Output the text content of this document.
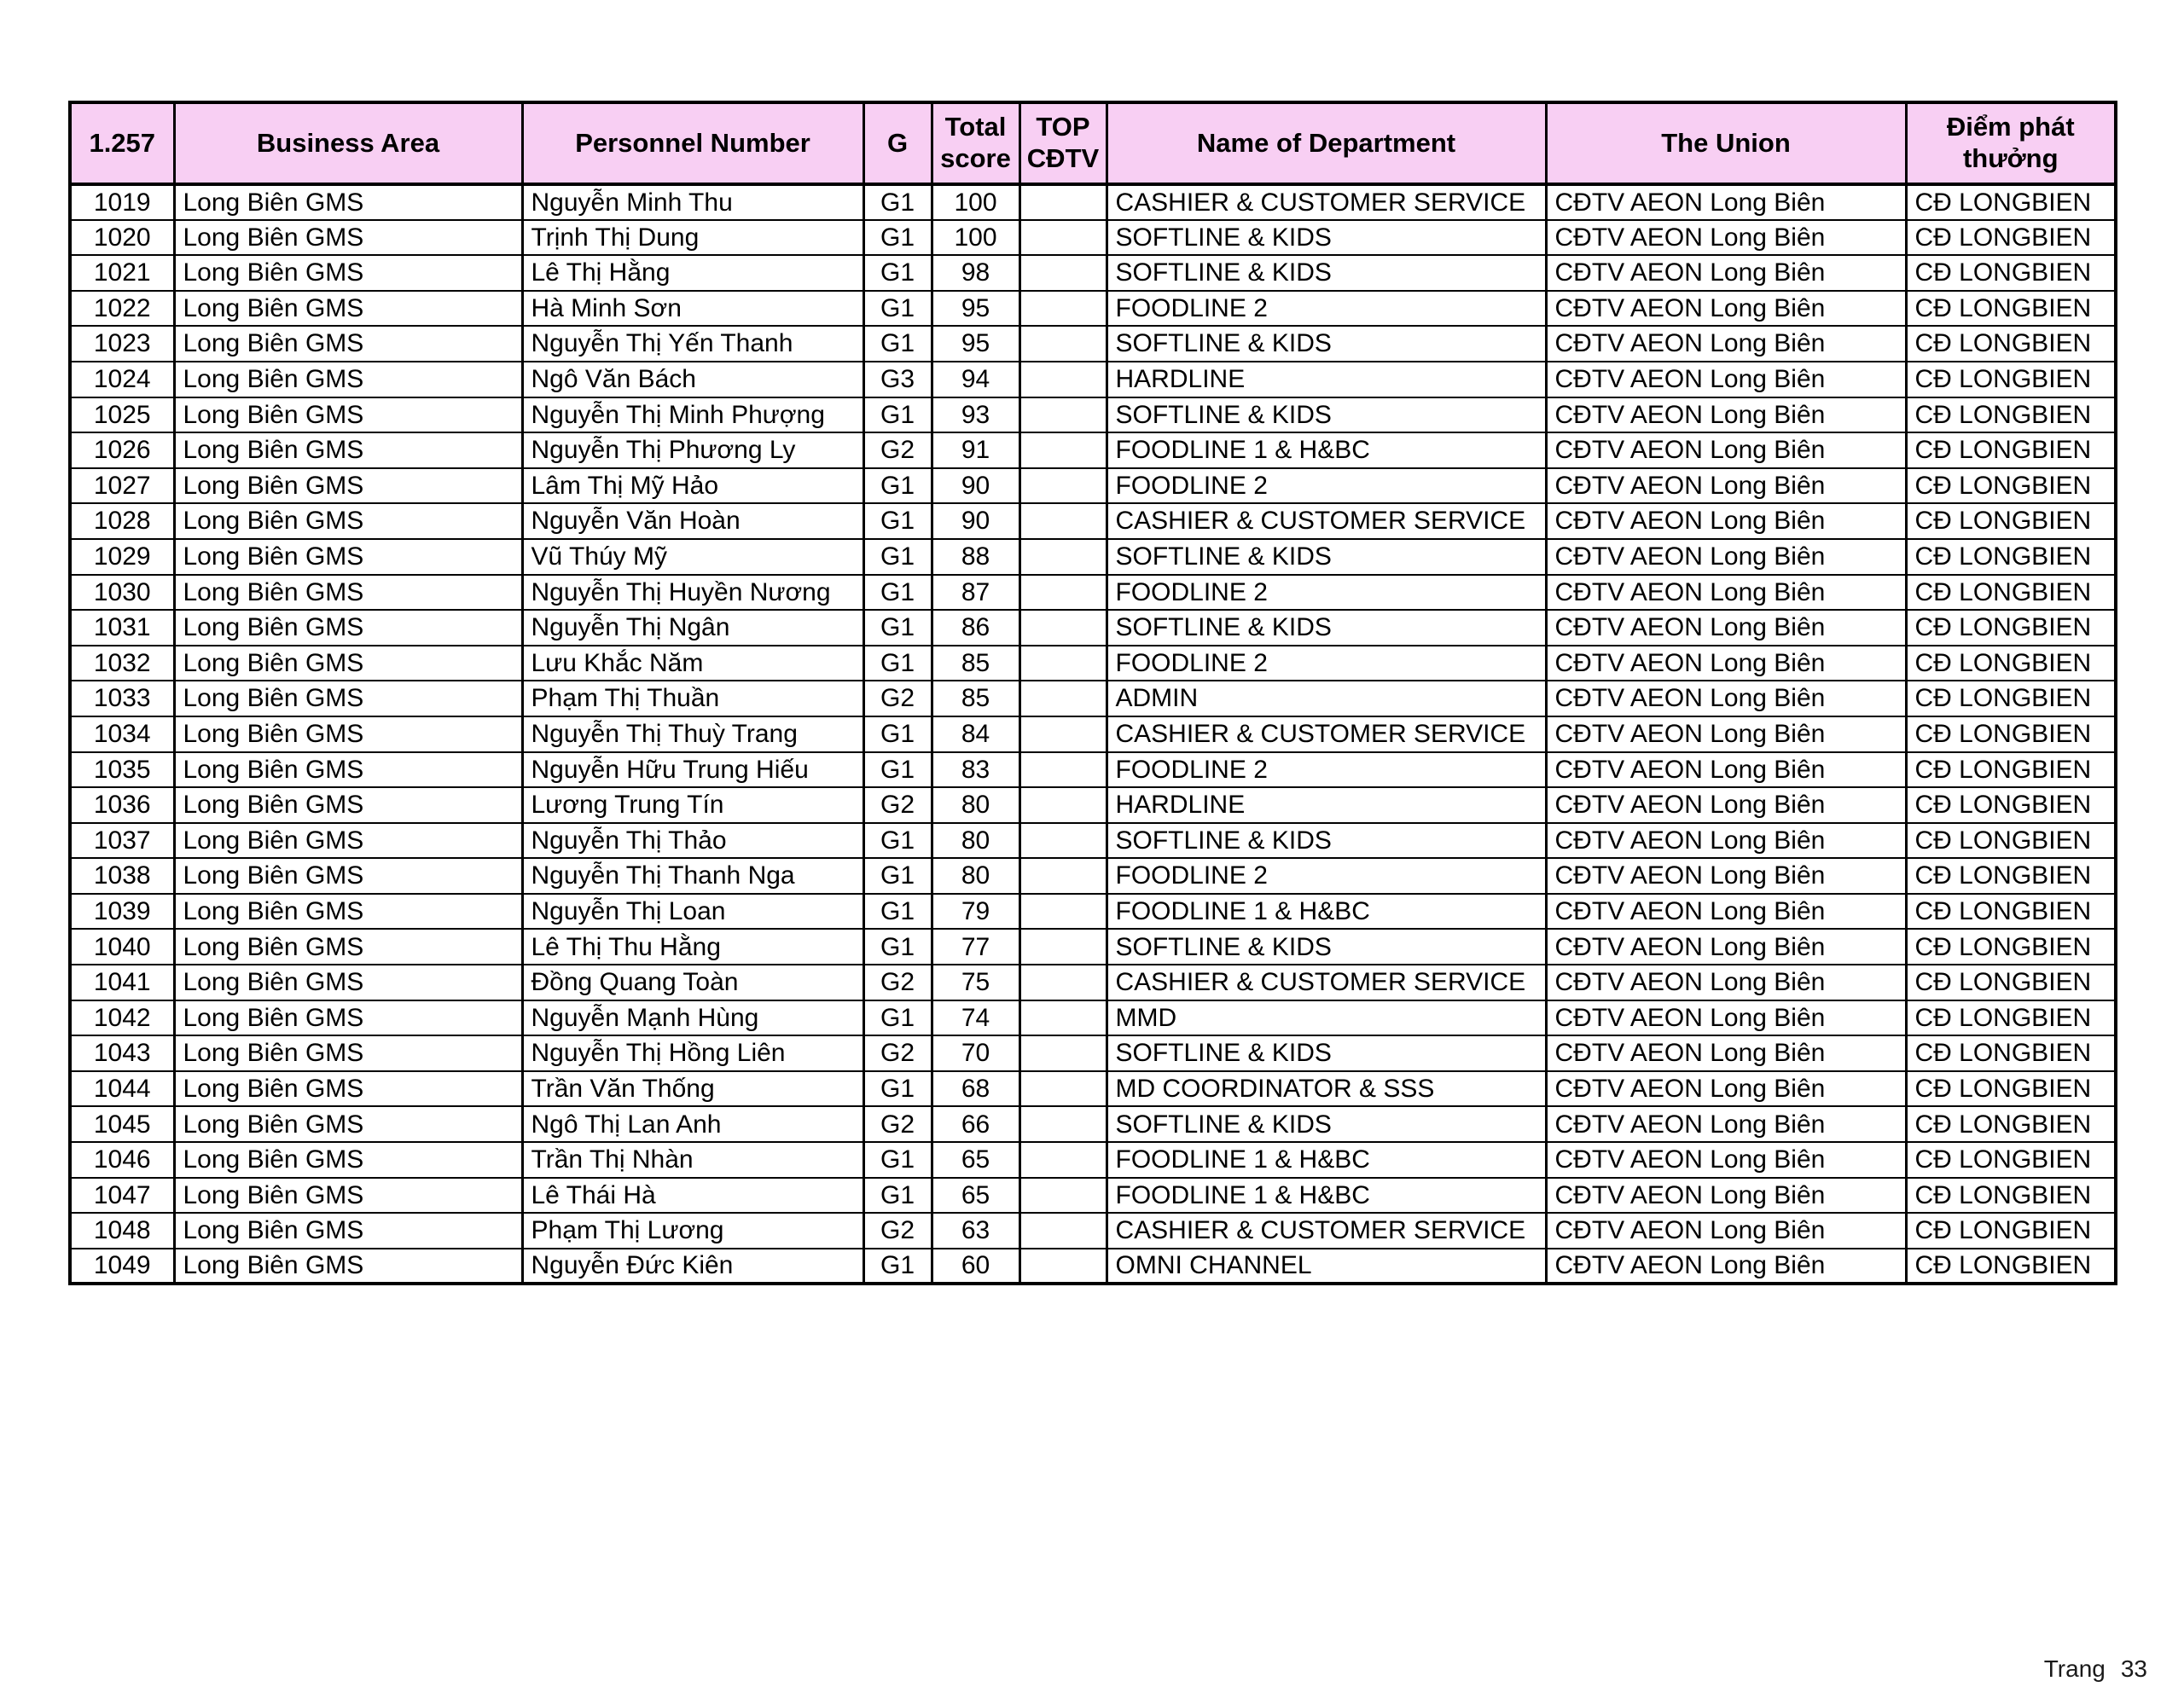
1.257	Business Area	Personnel Number	G	Total score	TOP CĐTV	Name of Department	The Union	Điểm phát thưởng
1019	Long Biên GMS	Nguyễn Minh Thu	G1	100		CASHIER & CUSTOMER SERVICE	CĐTV AEON Long Biên	CĐ LONGBIEN
1020	Long Biên GMS	Trịnh Thị Dung	G1	100		SOFTLINE & KIDS	CĐTV AEON Long Biên	CĐ LONGBIEN
1021	Long Biên GMS	Lê Thị Hằng	G1	98		SOFTLINE & KIDS	CĐTV AEON Long Biên	CĐ LONGBIEN
1022	Long Biên GMS	Hà Minh Sơn	G1	95		FOODLINE 2	CĐTV AEON Long Biên	CĐ LONGBIEN
1023	Long Biên GMS	Nguyễn Thị Yến Thanh	G1	95		SOFTLINE & KIDS	CĐTV AEON Long Biên	CĐ LONGBIEN
1024	Long Biên GMS	Ngô Văn Bách	G3	94		HARDLINE	CĐTV AEON Long Biên	CĐ LONGBIEN
1025	Long Biên GMS	Nguyễn Thị Minh Phượng	G1	93		SOFTLINE & KIDS	CĐTV AEON Long Biên	CĐ LONGBIEN
1026	Long Biên GMS	Nguyễn Thị Phương Ly	G2	91		FOODLINE 1 & H&BC	CĐTV AEON Long Biên	CĐ LONGBIEN
1027	Long Biên GMS	Lâm Thị Mỹ Hảo	G1	90		FOODLINE 2	CĐTV AEON Long Biên	CĐ LONGBIEN
1028	Long Biên GMS	Nguyễn Văn Hoàn	G1	90		CASHIER & CUSTOMER SERVICE	CĐTV AEON Long Biên	CĐ LONGBIEN
1029	Long Biên GMS	Vũ Thúy Mỹ	G1	88		SOFTLINE & KIDS	CĐTV AEON Long Biên	CĐ LONGBIEN
1030	Long Biên GMS	Nguyễn Thị Huyền Nương	G1	87		FOODLINE 2	CĐTV AEON Long Biên	CĐ LONGBIEN
1031	Long Biên GMS	Nguyễn Thị Ngân	G1	86		SOFTLINE & KIDS	CĐTV AEON Long Biên	CĐ LONGBIEN
1032	Long Biên GMS	Lưu Khắc Năm	G1	85		FOODLINE 2	CĐTV AEON Long Biên	CĐ LONGBIEN
1033	Long Biên GMS	Phạm Thị Thuần	G2	85		ADMIN	CĐTV AEON Long Biên	CĐ LONGBIEN
1034	Long Biên GMS	Nguyễn Thị Thuỳ Trang	G1	84		CASHIER & CUSTOMER SERVICE	CĐTV AEON Long Biên	CĐ LONGBIEN
1035	Long Biên GMS	Nguyễn Hữu Trung Hiếu	G1	83		FOODLINE 2	CĐTV AEON Long Biên	CĐ LONGBIEN
1036	Long Biên GMS	Lương Trung Tín	G2	80		HARDLINE	CĐTV AEON Long Biên	CĐ LONGBIEN
1037	Long Biên GMS	Nguyễn Thị Thảo	G1	80		SOFTLINE & KIDS	CĐTV AEON Long Biên	CĐ LONGBIEN
1038	Long Biên GMS	Nguyễn Thị Thanh Nga	G1	80		FOODLINE 2	CĐTV AEON Long Biên	CĐ LONGBIEN
1039	Long Biên GMS	Nguyễn Thị Loan	G1	79		FOODLINE 1 & H&BC	CĐTV AEON Long Biên	CĐ LONGBIEN
1040	Long Biên GMS	Lê Thị Thu Hằng	G1	77		SOFTLINE & KIDS	CĐTV AEON Long Biên	CĐ LONGBIEN
1041	Long Biên GMS	Đồng Quang Toàn	G2	75		CASHIER & CUSTOMER SERVICE	CĐTV AEON Long Biên	CĐ LONGBIEN
1042	Long Biên GMS	Nguyễn Mạnh Hùng	G1	74		MMD	CĐTV AEON Long Biên	CĐ LONGBIEN
1043	Long Biên GMS	Nguyễn Thị Hồng Liên	G2	70		SOFTLINE & KIDS	CĐTV AEON Long Biên	CĐ LONGBIEN
1044	Long Biên GMS	Trần Văn Thống	G1	68		MD COORDINATOR & SSS	CĐTV AEON Long Biên	CĐ LONGBIEN
1045	Long Biên GMS	Ngô Thị Lan Anh	G2	66		SOFTLINE & KIDS	CĐTV AEON Long Biên	CĐ LONGBIEN
1046	Long Biên GMS	Trần Thị Nhàn	G1	65		FOODLINE 1 & H&BC	CĐTV AEON Long Biên	CĐ LONGBIEN
1047	Long Biên GMS	Lê Thái Hà	G1	65		FOODLINE 1 & H&BC	CĐTV AEON Long Biên	CĐ LONGBIEN
1048	Long Biên GMS	Phạm Thị Lương	G2	63		CASHIER & CUSTOMER SERVICE	CĐTV AEON Long Biên	CĐ LONGBIEN
1049	Long Biên GMS	Nguyễn Đức Kiên	G1	60		OMNI CHANNEL	CĐTV AEON Long Biên	CĐ LONGBIEN
Trang 33
